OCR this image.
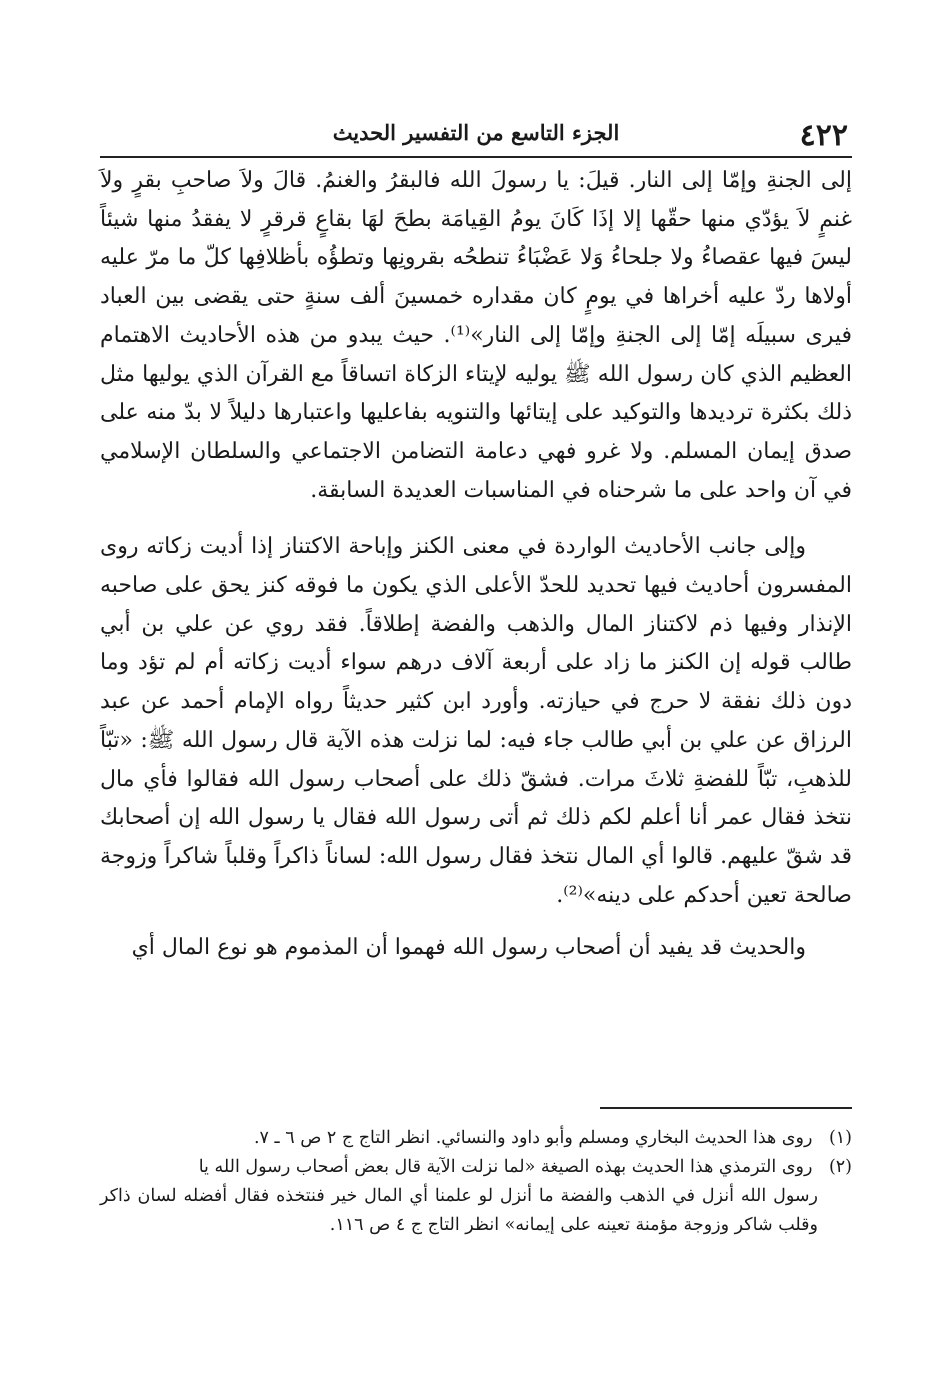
٤٢٢
الجزء التاسع من التفسير الحديث

إلى الجنةِ وإمّا إلى النار. قيلَ: يا رسولَ الله فالبقرُ والغنمُ. قالَ ولاَ صاحبِ بقرٍ ولاَ غنمٍ لاَ يؤدّي منها حقّها إلا إذَا كَانَ يومُ القِيامَة بطحَ لهَا بقاعٍ قرقرٍ لا يفقدُ منها شيئاً ليسَ فيها عقصاءُ ولا جلحاءُ وَلا عَضْبَاءُ تنطحُه بقرونِها وتطؤُه بأظلافِها كلّ ما مرّ عليه أولاها ردّ عليه أخراها في يومٍ كان مقداره خمسينَ ألف سنةٍ حتى يقضى بين العباد فيرى سبيلَه إمّا إلى الجنةِ وإمّا إلى النار»⁽¹⁾. حيث يبدو من هذه الأحاديث الاهتمام العظيم الذي كان رسول الله ﷺ يوليه لإيتاء الزكاة اتساقاً مع القرآن الذي يوليها مثل ذلك بكثرة ترديدها والتوكيد على إيتائها والتنويه بفاعليها واعتبارها دليلاً لا بدّ منه على صدق إيمان المسلم. ولا غرو فهي دعامة التضامن الاجتماعي والسلطان الإسلامي في آن واحد على ما شرحناه في المناسبات العديدة السابقة.

وإلى جانب الأحاديث الواردة في معنى الكنز وإباحة الاكتناز إذا أديت زكاته روى المفسرون أحاديث فيها تحديد للحدّ الأعلى الذي يكون ما فوقه كنز يحق على صاحبه الإنذار وفيها ذم لاكتناز المال والذهب والفضة إطلاقاً. فقد روي عن علي بن أبي طالب قوله إن الكنز ما زاد على أربعة آلاف درهم سواء أديت زكاته أم لم تؤد وما دون ذلك نفقة لا حرج في حيازته. وأورد ابن كثير حديثاً رواه الإمام أحمد عن عبد الرزاق عن علي بن أبي طالب جاء فيه: لما نزلت هذه الآية قال رسول الله ﷺ: «تبّاً للذهبِ، تبّاً للفضةِ ثلاثَ مرات. فشقّ ذلك على أصحاب رسول الله فقالوا فأي مال نتخذ فقال عمر أنا أعلم لكم ذلك ثم أتى رسول الله فقال يا رسول الله إن أصحابك قد شقّ عليهم. قالوا أي المال نتخذ فقال رسول الله: لساناً ذاكراً وقلباً شاكراً وزوجة صالحة تعين أحدكم على دينه»⁽²⁾.

والحديث قد يفيد أن أصحاب رسول الله فهموا أن المذموم هو نوع المال أي

(١) روى هذا الحديث البخاري ومسلم وأبو داود والنسائي. انظر التاج ج ٢ ص ٦ ـ ٧.

(٢) روى الترمذي هذا الحديث بهذه الصيغة «لما نزلت الآية قال بعض أصحاب رسول الله يا

رسول الله أنزل في الذهب والفضة ما أنزل لو علمنا أي المال خير فنتخذه فقال أفضله لسان ذاكر وقلب شاكر وزوجة مؤمنة تعينه على إيمانه» انظر التاج ج ٤ ص ١١٦.
